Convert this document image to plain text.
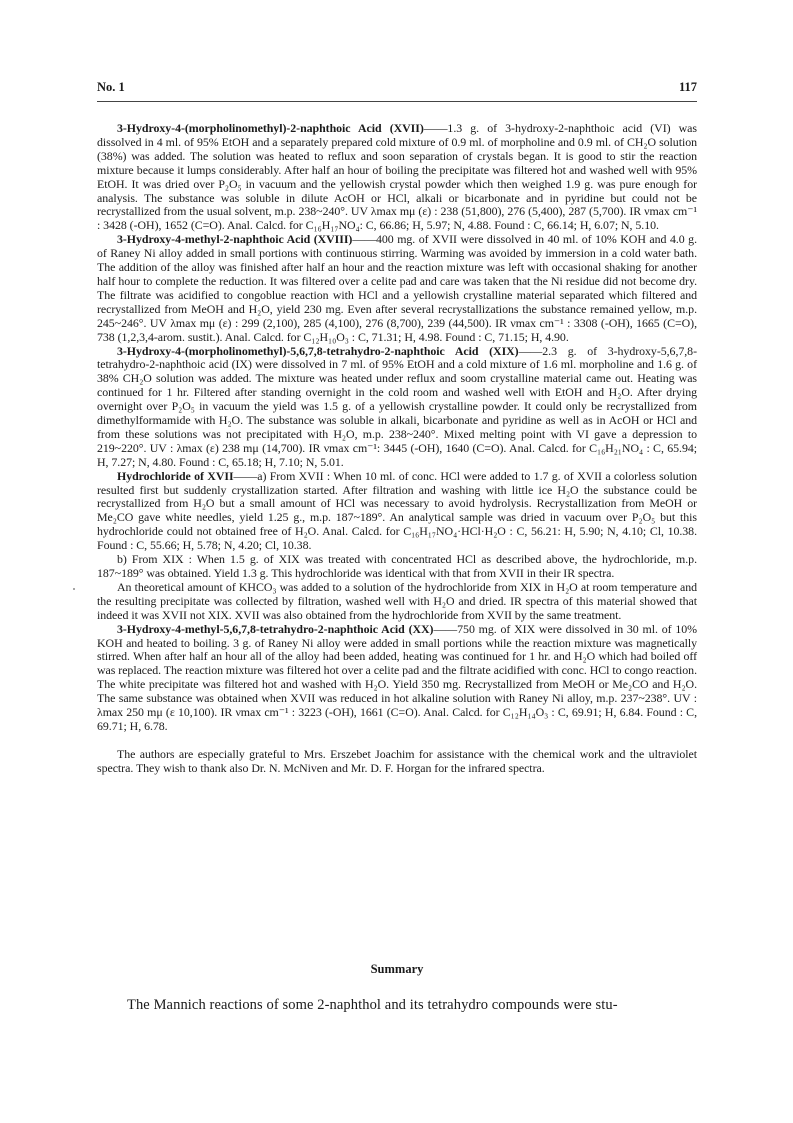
No. 1	117

3-Hydroxy-4-(morpholinomethyl)-2-naphthoic Acid (XVII)——1.3 g. of 3-hydroxy-2-naphthoic acid (VI) was dissolved in 4 ml. of 95% EtOH and a separately prepared cold mixture of 0.9 ml. of morpholine and 0.9 ml. of CH₂O solution (38%) was added. The solution was heated to reflux and soon separation of crystals began. It is good to stir the reaction mixture because it lumps considerably. After half an hour of boiling the precipitate was filtered hot and washed well with 95% EtOH. It was dried over P₂O₅ in vacuum and the yellowish crystal powder which then weighed 1.9 g. was pure enough for analysis. The substance was soluble in dilute AcOH or HCl, alkali or bicarbonate and in pyridine but could not be recrystallized from the usual solvent, m.p. 238~240°. UV λmax mμ (ε) : 238 (51,800), 276 (5,400), 287 (5,700). IR νmax cm⁻¹ : 3428 (-OH), 1652 (C=O). Anal. Calcd. for C₁₆H₁₇NO₄: C, 66.86; H, 5.97; N, 4.88. Found : C, 66.14; H, 6.07; N, 5.10.

3-Hydroxy-4-methyl-2-naphthoic Acid (XVIII)——400 mg. of XVII were dissolved in 40 ml. of 10% KOH and 4.0 g. of Raney Ni alloy added in small portions with continuous stirring. Warming was avoided by immersion in a cold water bath. The addition of the alloy was finished after half an hour and the reaction mixture was left with occasional shaking for another half hour to complete the reduction. It was filtered over a celite pad and care was taken that the Ni residue did not become dry. The filtrate was acidified to congoblue reaction with HCl and a yellowish crystalline material separated which filtered and recrystallized from MeOH and H₂O, yield 230 mg. Even after several recrystallizations the substance remained yellow, m.p. 245~246°. UV λmax mμ (ε) : 299 (2,100), 285 (4,100), 276 (8,700), 239 (44,500). IR νmax cm⁻¹ : 3308 (-OH), 1665 (C=O), 738 (1,2,3,4-arom. sustit.). Anal. Calcd. for C₁₂H₁₀O₃ : C, 71.31; H, 4.98. Found : C, 71.15; H, 4.90.

3-Hydroxy-4-(morpholinomethyl)-5,6,7,8-tetrahydro-2-naphthoic Acid (XIX)——2.3 g. of 3-hydroxy-5,6,7,8-tetrahydro-2-naphthoic acid (IX) were dissolved in 7 ml. of 95% EtOH and a cold mixture of 1.6 ml. morpholine and 1.6 g. of 38% CH₂O solution was added. The mixture was heated under reflux and soom crystalline material came out. Heating was continued for 1 hr. Filtered after standing overnight in the cold room and washed well with EtOH and H₂O. After drying overnight over P₂O₅ in vacuum the yield was 1.5 g. of a yellowish crystalline powder. It could only be recrystallized from dimethylformamide with H₂O. The substance was soluble in alkali, bicarbonate and pyridine as well as in AcOH or HCl and from these solutions was not precipitated with H₂O, m.p. 238~240°. Mixed melting point with VI gave a depression to 219~220°. UV : λmax (ε) 238 mμ (14,700). IR νmax cm⁻¹: 3445 (-OH), 1640 (C=O). Anal. Calcd. for C₁₆H₂₁NO₄ : C, 65.94; H, 7.27; N, 4.80. Found : C, 65.18; H, 7.10; N, 5.01.

Hydrochloride of XVII——a) From XVII : When 10 ml. of conc. HCl were added to 1.7 g. of XVII a colorless solution resulted first but suddenly crystallization started. After filtration and washing with little ice H₂O the substance could be recrystallized from H₂O but a small amount of HCl was necessary to avoid hydrolysis. Recrystallization from MeOH or Me₂CO gave white needles, yield 1.25 g., m.p. 187~189°. An analytical sample was dried in vacuum over P₂O₅ but this hydrochloride could not obtained free of H₂O. Anal. Calcd. for C₁₆H₁₇NO₄·HCl·H₂O : C, 56.21: H, 5.90; N, 4.10; Cl, 10.38. Found : C, 55.66; H, 5.78; N, 4.20; Cl, 10.38.

b) From XIX : When 1.5 g. of XIX was treated with concentrated HCl as described above, the hydrochloride, m.p. 187~189° was obtained. Yield 1.3 g. This hydrochloride was identical with that from XVII in their IR spectra.

An theoretical amount of KHCO₃ was added to a solution of the hydrochloride from XIX in H₂O at room temperature and the resulting precipitate was collected by filtration, washed well with H₂O and dried. IR spectra of this material showed that indeed it was XVII not XIX. XVII was also obtained from the hydrochloride from XVII by the same treatment.

3-Hydroxy-4-methyl-5,6,7,8-tetrahydro-2-naphthoic Acid (XX)——750 mg. of XIX were dissolved in 30 ml. of 10% KOH and heated to boiling. 3 g. of Raney Ni alloy were added in small portions while the reaction mixture was magnetically stirred. When after half an hour all of the alloy had been added, heating was continued for 1 hr. and H₂O which had boiled off was replaced. The reaction mixture was filtered hot over a celite pad and the filtrate acidified with conc. HCl to congo reaction. The white precipitate was filtered hot and washed with H₂O. Yield 350 mg. Recrystallized from MeOH or Me₂CO and H₂O. The same substance was obtained when XVII was reduced in hot alkaline solution with Raney Ni alloy, m.p. 237~238°. UV : λmax 250 mμ (ε 10,100). IR νmax cm⁻¹ : 3223 (-OH), 1661 (C=O). Anal. Calcd. for C₁₂H₁₄O₃ : C, 69.91; H, 6.84. Found : C, 69.71; H, 6.78.

The authors are especially grateful to Mrs. Erszebet Joachim for assistance with the chemical work and the ultraviolet spectra. They wish to thank also Dr. N. McNiven and Mr. D. F. Horgan for the infrared spectra.

Summary
The Mannich reactions of some 2-naphthol and its tetrahydro compounds were stu-
